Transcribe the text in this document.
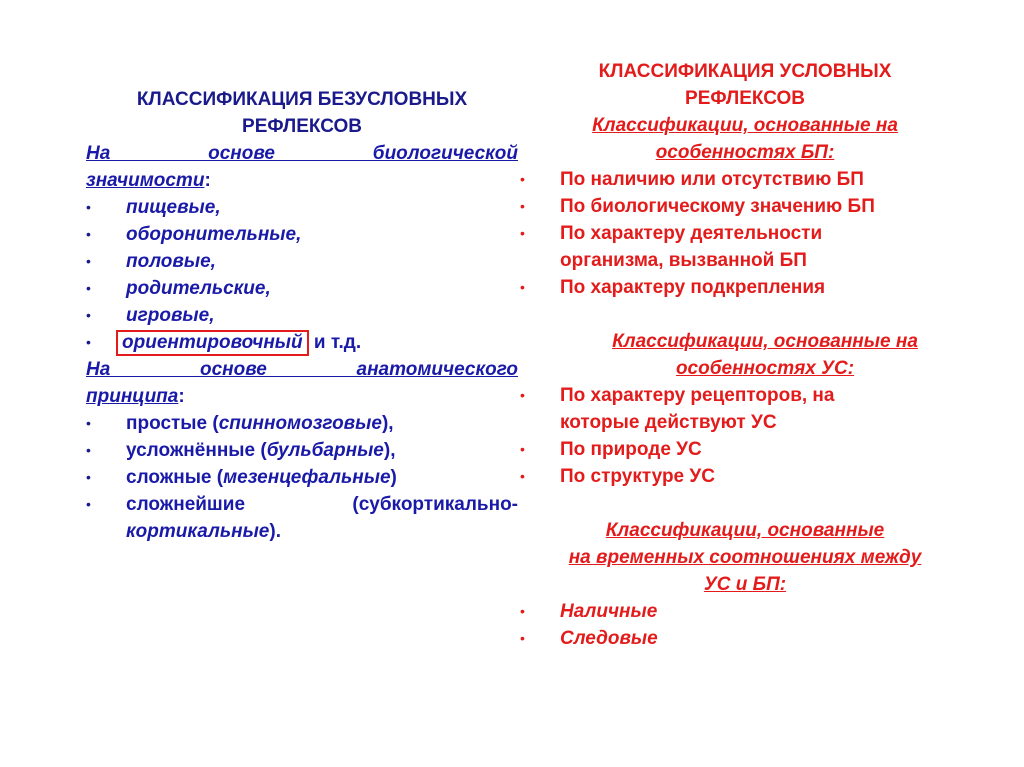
КЛАССИФИКАЦИЯ БЕЗУСЛОВНЫХ
РЕФЛЕКСОВ

На основе биологической
значимости:
• пищевые,
• оборонительные,
• половые,
• родительские,
• игровые,
• ориентировочный и т.д.
На основе анатомического
принципа:
• простые (спинномозговые),
• усложнённые (бульбарные),
• сложные (мезенцефальные)
• сложнейшие (субкортикально-
кортикальные).

КЛАССИФИКАЦИЯ УСЛОВНЫХ
РЕФЛЕКСОВ

Классификации, основанные на
особенностях БП:
• По наличию или отсутствию БП
• По биологическому значению БП
• По характеру деятельности
организма, вызванной БП
• По характеру подкрепления
Классификации, основанные на
особенностях УС:
• По характеру рецепторов, на
которые действуют УС
• По природе УС
• По структуре УС
Классификации, основанные
на временных соотношениях между
УС и БП:
• Наличные
• Следовые
